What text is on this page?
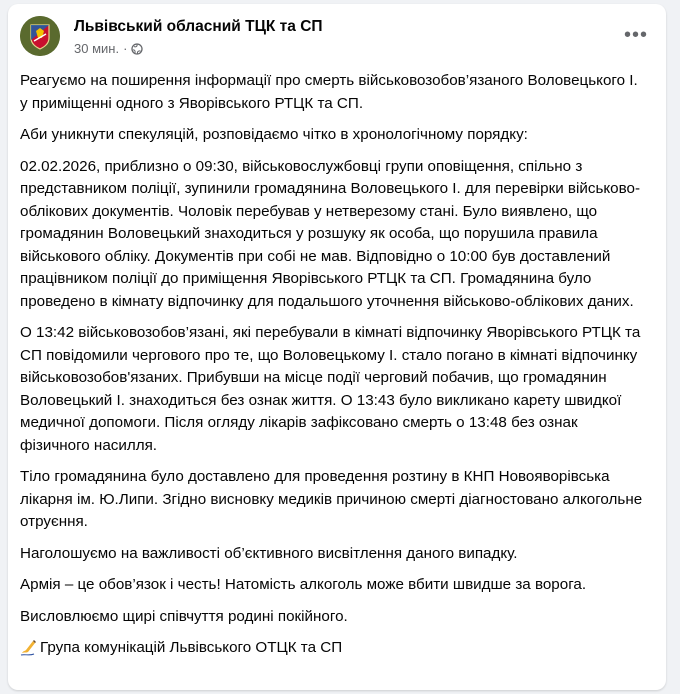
Львівський обласний ТЦК та СП
30 мин. ·
•••

Реагуємо на поширення інформації про смерть військовозобов’язаного Воловецького І. у приміщенні одного з Яворівського РТЦК та СП.

Аби уникнути спекуляцій, розповідаємо чітко в хронологічному порядку:

02.02.2026, приблизно о 09:30, військовослужбовці групи оповіщення, спільно з представником поліції, зупинили громадянина Воловецького І. для перевірки військово-облікових документів. Чоловік перебував у нетверезому стані. Було виявлено, що громадянин Воловецький знаходиться у розшуку як особа, що порушила правила військового обліку. Документів при собі не мав. Відповідно о 10:00 був доставлений працівником поліції до приміщення Яворівського РТЦК та СП. Громадянина було проведено в кімнату відпочинку для подальшого уточнення військово-облікових даних.

О 13:42 військовозобов’язані, які перебували в кімнаті відпочинку Яворівського РТЦК та СП повідомили чергового про те, що Воловецькому І. стало погано в кімнаті відпочинку військовозобов'язаних. Прибувши на місце події черговий побачив, що громадянин Воловецький І. знаходиться без ознак життя. О 13:43 було викликано карету швидкої медичної допомоги. Після огляду лікарів зафіксовано смерть о 13:48 без ознак фізичного насилля.

Тіло громадянина було доставлено для проведення розтину в КНП Новояворівська лікарня ім. Ю.Липи. Згідно висновку медиків причиною смерті діагностовано алкогольне отруєння.

Наголошуємо на важливості об’єктивного висвітлення даного випадку.

Армія – це обов’язок і честь! Натомість алкоголь може вбити швидше за ворога.

Висловлюємо щирі співчуття родині покійного.

Група комунікацій Львівського ОТЦК та СП
